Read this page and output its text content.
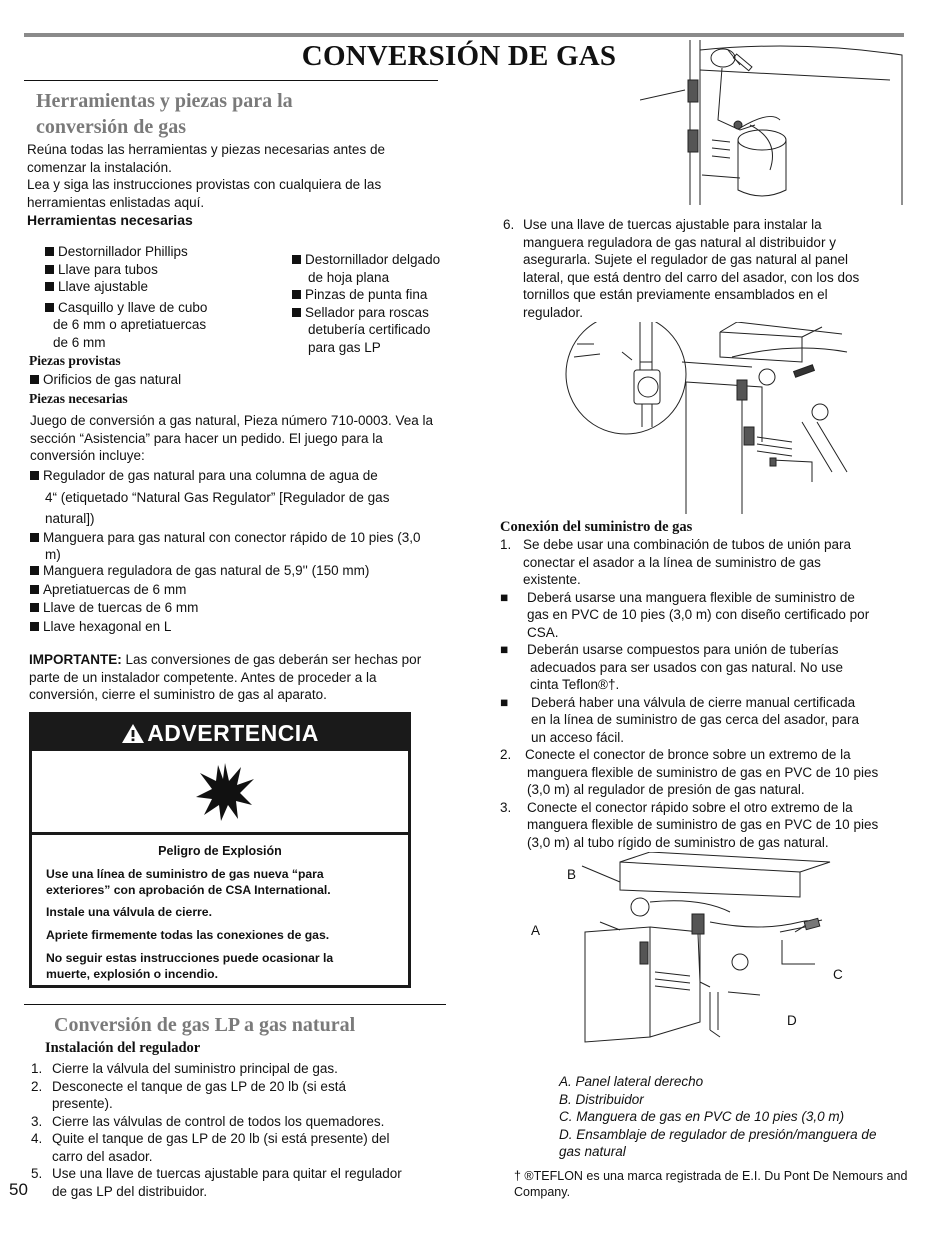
CONVERSIÓN DE GAS
Herramientas y piezas para la
conversión de gas
Reúna todas las herramientas y piezas necesarias antes de
comenzar la instalación.
Lea y siga las instrucciones provistas con cualquiera de las
herramientas enlistadas aquí.
Herramientas necesarias
Destornillador Phillips
Llave para tubos
Llave ajustable
Casquillo y llave de cubo
de 6 mm o apretiatuercas
de 6 mm
Destornillador delgado
de hoja plana
Pinzas de punta fina
Sellador para roscas
detubería certificado
para gas LP
Piezas provistas
Orificios de gas natural
Piezas necesarias
Juego de conversión a gas natural, Pieza número 710-0003. Vea la
sección “Asistencia” para hacer un pedido. El juego para la
conversión incluye:
Regulador de gas natural para una columna de agua de
4“ (etiquetado “Natural Gas Regulator” [Regulador de gas
natural])
Manguera para gas natural con conector rápido de 10 pies (3,0
m)
Manguera reguladora de gas natural de 5,9'' (150 mm)
Apretiatuercas de 6 mm
Llave de tuercas de 6 mm
Llave hexagonal en L
IMPORTANTE: Las conversiones de gas deberán ser hechas por
parte de un instalador competente. Antes de proceder a la
conversión, cierre el suministro de gas al aparato.
ADVERTENCIA
Peligro de Explosión
Use una línea de suministro de gas nueva “para
exteriores” con aprobación de CSA International.
Instale una válvula de cierre.
Apriete firmemente todas las conexiones de gas.
No seguir estas instrucciones puede ocasionar la
muerte, explosión o incendio.
Conversión de gas LP a gas natural
Instalación del regulador
1. Cierre la válvula del suministro principal de gas.
2. Desconecte el tanque de gas LP de 20 lb (si está
presente).
3. Cierre las válvulas de control de todos los quemadores.
4. Quite el tanque de gas LP de 20 lb (si está presente) del
carro del asador.
5. Use una llave de tuercas ajustable para quitar el regulador
de gas LP del distribuidor.
50
6. Use una llave de tuercas ajustable para instalar la
manguera reguladora de gas natural al distribuidor y
asegurarla. Sujete el regulador de gas natural al panel
lateral, que está dentro del carro del asador, con los dos
tornillos que están previamente ensamblados en el
regulador.
Conexión del suministro de gas
1. Se debe usar una combinación de tubos de unión para
conectar el asador a la línea de suministro de gas
existente.
■ Deberá usarse una manguera flexible de suministro de
gas en PVC de 10 pies (3,0 m) con diseño certificado por
CSA.
■ Deberán usarse compuestos para unión de tuberías
adecuados para ser usados con gas natural. No use
cinta Teflon®†.
■ Deberá haber una válvula de cierre manual certificada
en la línea de suministro de gas cerca del asador, para
un acceso fácil.
2. Conecte el conector de bronce sobre un extremo de la
manguera flexible de suministro de gas en PVC de 10 pies
(3,0 m) al regulador de presión de gas natural.
3. Conecte el conector rápido sobre el otro extremo de la
manguera flexible de suministro de gas en PVC de 10 pies
(3,0 m) al tubo rígido de suministro de gas natural.
B
A
C
D
A. Panel lateral derecho
B. Distribuidor
C. Manguera de gas en PVC de 10 pies (3,0 m)
D. Ensamblaje de regulador de presión/manguera de
gas natural
† ®TEFLON es una marca registrada de E.I. Du Pont De Nemours and
Company.
